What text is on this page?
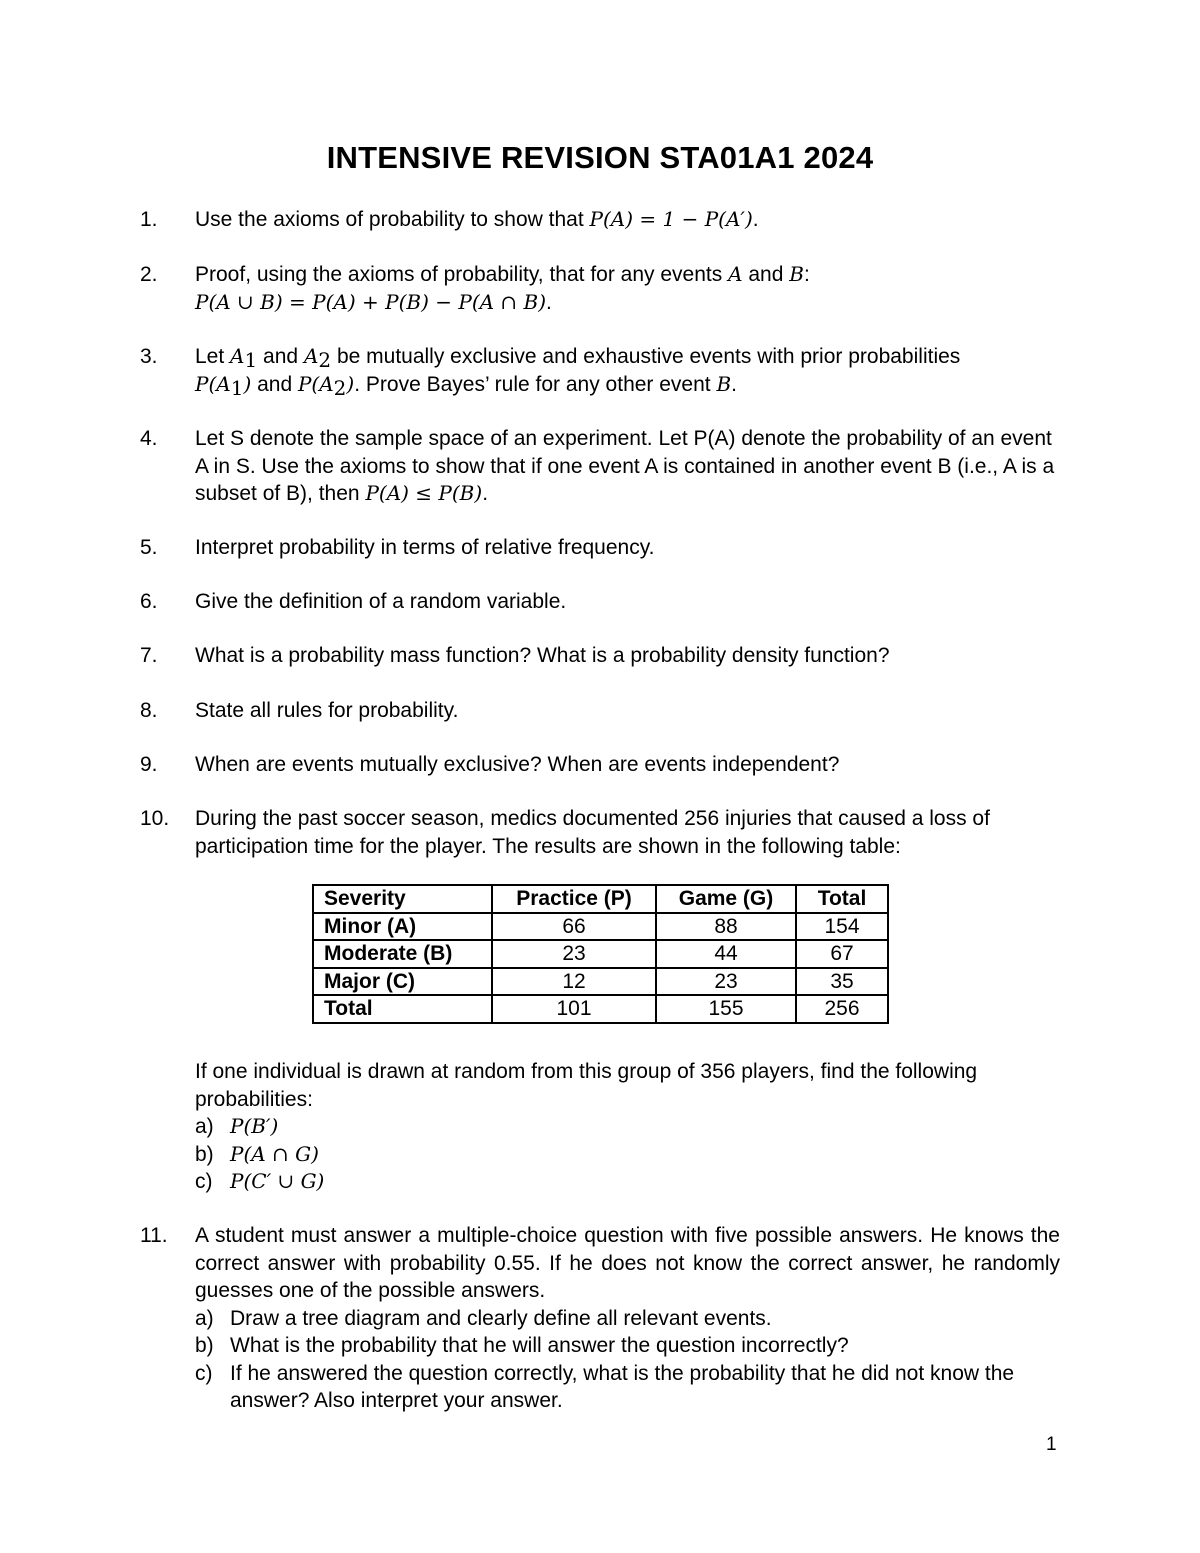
INTENSIVE REVISION STA01A1 2024
1. Use the axioms of probability to show that P(A) = 1 − P(A′).
2. Proof, using the axioms of probability, that for any events A and B:
P(A ∪ B) = P(A) + P(B) − P(A ∩ B).
3. Let $A_1$ and $A_2$ be mutually exclusive and exhaustive events with prior probabilities
$P(A_1)$ and $P(A_2)$. Prove Bayes’ rule for any other event B.
4. Let S denote the sample space of an experiment. Let P(A) denote the probability of an event A in S. Use the axioms to show that if one event A is contained in another event B (i.e., A is a subset of B), then P(A) ≤ P(B).
5. Interpret probability in terms of relative frequency.
6. Give the definition of a random variable.
7. What is a probability mass function? What is a probability density function?
8. State all rules for probability.
9. When are events mutually exclusive? When are events independent?
10. During the past soccer season, medics documented 256 injuries that caused a loss of participation time for the player. The results are shown in the following table:
Severity	Practice (P)	Game (G)	Total
Minor (A)	66	88	154
Moderate (B)	23	44	67
Major (C)	12	23	35
Total	101	155	256
If one individual is drawn at random from this group of 356 players, find the following probabilities:
a) P(B′)
b) P(A ∩ G)
c) P(C′ ∪ G)
11. A student must answer a multiple-choice question with five possible answers. He knows the correct answer with probability 0.55. If he does not know the correct answer, he randomly guesses one of the possible answers.
a) Draw a tree diagram and clearly define all relevant events.
b) What is the probability that he will answer the question incorrectly?
c) If he answered the question correctly, what is the probability that he did not know the answer? Also interpret your answer.
1
